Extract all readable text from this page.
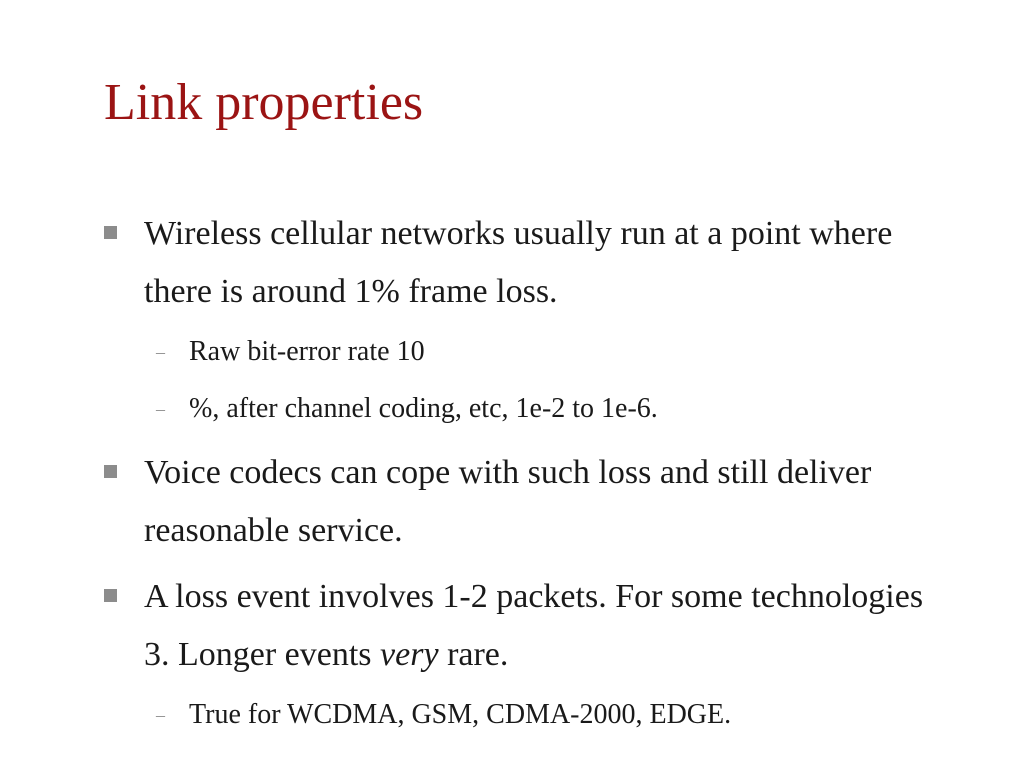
Link properties
Wireless cellular networks usually run at a point where there is around 1% frame loss.
– Raw bit-error rate 10
– %, after channel coding, etc, 1e-2 to 1e-6.
Voice codecs can cope with such loss and still deliver reasonable service.
A loss event involves 1-2 packets. For some technologies 3. Longer events very rare.
– True for WCDMA, GSM, CDMA-2000, EDGE.
